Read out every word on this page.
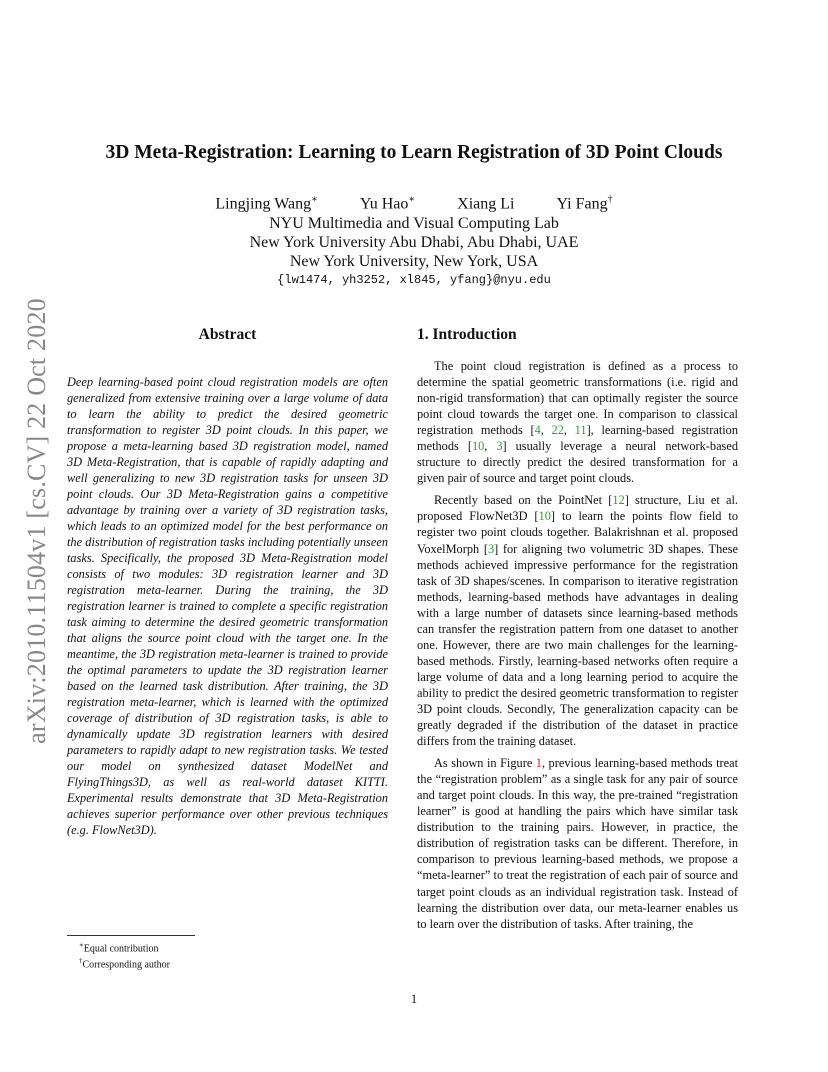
arXiv:2010.11504v1 [cs.CV] 22 Oct 2020
3D Meta-Registration: Learning to Learn Registration of 3D Point Clouds
Lingjing Wang∗	Yu Hao∗	Xiang Li	Yi Fang†
NYU Multimedia and Visual Computing Lab
New York University Abu Dhabi, Abu Dhabi, UAE
New York University, New York, USA
{lw1474, yh3252, xl845, yfang}@nyu.edu
Abstract
Deep learning-based point cloud registration models are often generalized from extensive training over a large volume of data to learn the ability to predict the desired geometric transformation to register 3D point clouds. In this paper, we propose a meta-learning based 3D registration model, named 3D Meta-Registration, that is capable of rapidly adapting and well generalizing to new 3D registration tasks for unseen 3D point clouds. Our 3D Meta-Registration gains a competitive advantage by training over a variety of 3D registration tasks, which leads to an optimized model for the best performance on the distribution of registration tasks including potentially unseen tasks. Specifically, the proposed 3D Meta-Registration model consists of two modules: 3D registration learner and 3D registration meta-learner. During the training, the 3D registration learner is trained to complete a specific registration task aiming to determine the desired geometric transformation that aligns the source point cloud with the target one. In the meantime, the 3D registration meta-learner is trained to provide the optimal parameters to update the 3D registration learner based on the learned task distribution. After training, the 3D registration meta-learner, which is learned with the optimized coverage of distribution of 3D registration tasks, is able to dynamically update 3D registration learners with desired parameters to rapidly adapt to new registration tasks. We tested our model on synthesized dataset ModelNet and FlyingThings3D, as well as real-world dataset KITTI. Experimental results demonstrate that 3D Meta-Registration achieves superior performance over other previous techniques (e.g. FlowNet3D).
1. Introduction

The point cloud registration is defined as a process to determine the spatial geometric transformations (i.e. rigid and non-rigid transformation) that can optimally register the source point cloud towards the target one. In comparison to classical registration methods [4, 22, 11], learning-based registration methods [10, 3] usually leverage a neural network-based structure to directly predict the desired transformation for a given pair of source and target point clouds.

Recently based on the PointNet [12] structure, Liu et al. proposed FlowNet3D [10] to learn the points flow field to register two point clouds together. Balakrishnan et al. proposed VoxelMorph [3] for aligning two volumetric 3D shapes. These methods achieved impressive performance for the registration task of 3D shapes/scenes. In comparison to iterative registration methods, learning-based methods have advantages in dealing with a large number of datasets since learning-based methods can transfer the registration pattern from one dataset to another one. However, there are two main challenges for the learning-based methods. Firstly, learning-based networks often require a large volume of data and a long learning period to acquire the ability to predict the desired geometric transformation to register 3D point clouds. Secondly, The generalization capacity can be greatly degraded if the distribution of the dataset in practice differs from the training dataset.

As shown in Figure 1, previous learning-based methods treat the “registration problem” as a single task for any pair of source and target point clouds. In this way, the pre-trained “registration learner” is good at handling the pairs which have similar task distribution to the training pairs. However, in practice, the distribution of registration tasks can be different. Therefore, in comparison to previous learning-based methods, we propose a “meta-learner” to treat the registration of each pair of source and target point clouds as an individual registration task. Instead of learning the distribution over data, our meta-learner enables us to learn over the distribution of tasks. After training, the

∗Equal contribution
†Corresponding author
1
